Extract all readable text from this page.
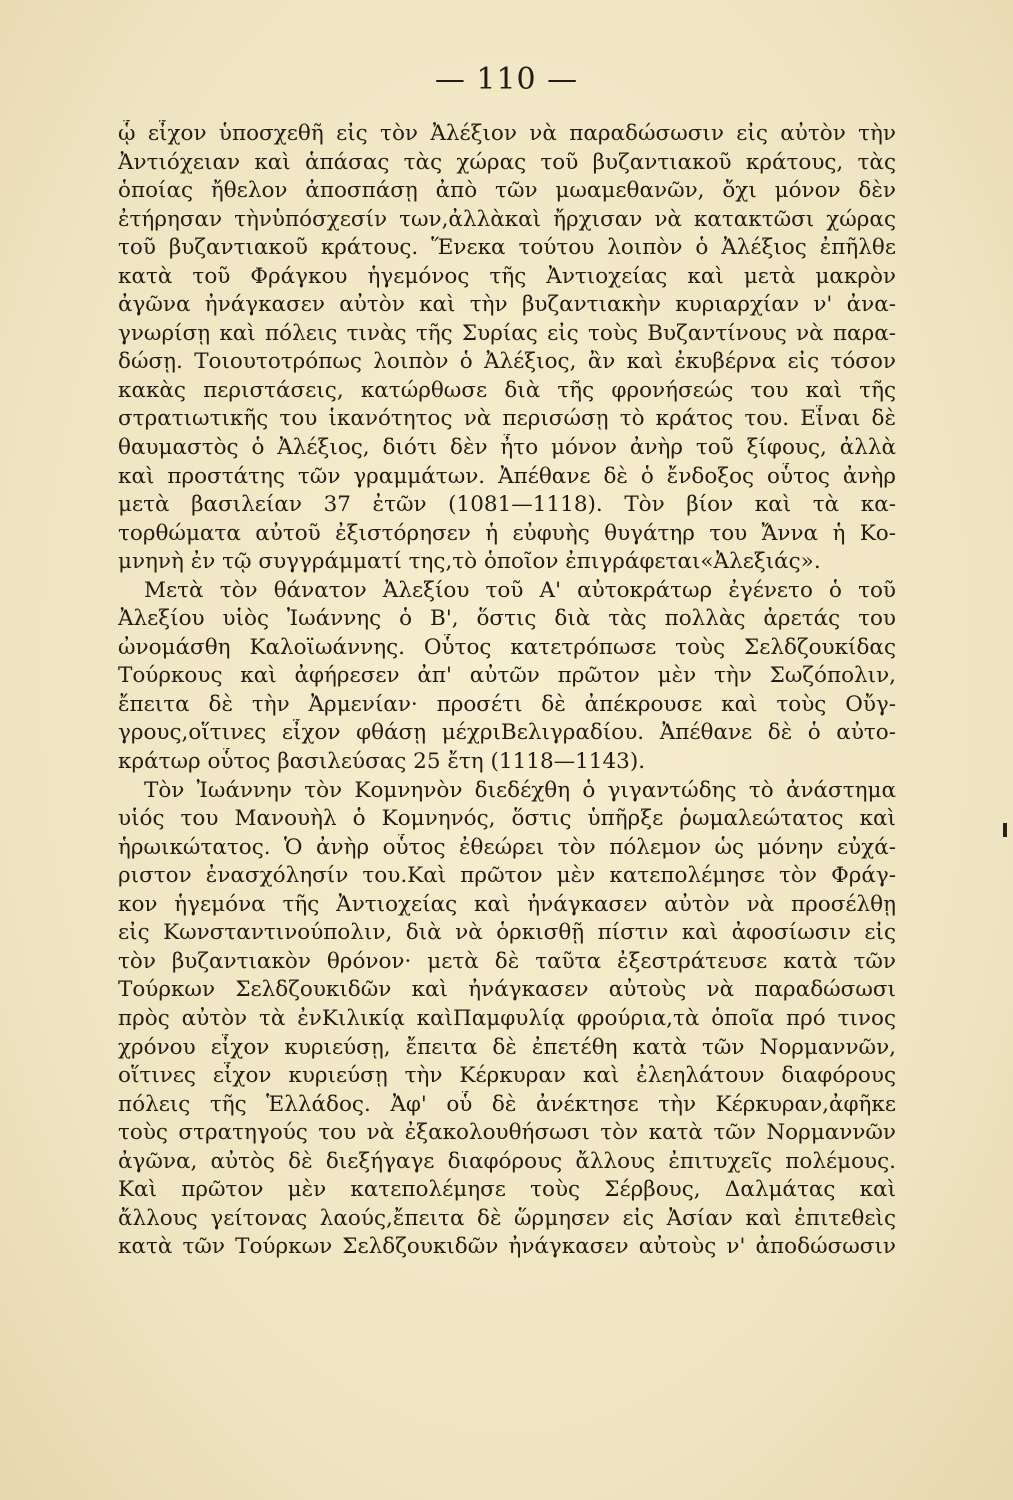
— 110 —
ᾧ εἶχον ὑποσχεθῆ εἰς τὸν Ἀλέξιον νὰ παραδώσωσιν εἰς αὐτὸν τὴν
Ἀντιόχειαν καὶ ἁπάσας τὰς χώρας τοῦ βυζαντιακοῦ κράτους, τὰς
ὁποίας ἤθελον ἀποσπάσῃ ἀπὸ τῶν μωαμεθανῶν, ὄχι μόνον δὲν
ἐτήρησαν τὴνὑπόσχεσίν των,ἀλλὰκαὶ ἤρχισαν νὰ κατακτῶσι χώρας
τοῦ βυζαντιακοῦ κράτους. Ἕνεκα τούτου λοιπὸν ὁ Ἀλέξιος ἐπῆλθε
κατὰ τοῦ Φράγκου ἡγεμόνος τῆς Ἀντιοχείας καὶ μετὰ μακρὸν
ἀγῶνα ἠνάγκασεν αὐτὸν καὶ τὴν βυζαντιακὴν κυριαρχίαν ν' ἀνα-
γνωρίσῃ καὶ πόλεις τινὰς τῆς Συρίας εἰς τοὺς Βυζαντίνους νὰ παρα-
δώσῃ. Τοιουτοτρόπως λοιπὸν ὁ Ἀλέξιος, ἂν καὶ ἐκυβέρνα εἰς τόσον
κακὰς περιστάσεις, κατώρθωσε διὰ τῆς φρονήσεώς του καὶ τῆς
στρατιωτικῆς του ἱκανότητος νὰ περισώσῃ τὸ κράτος του. Εἶναι δὲ
θαυμαστὸς ὁ Ἀλέξιος, διότι δὲν ἦτο μόνον ἀνὴρ τοῦ ξίφους, ἀλλὰ
καὶ προστάτης τῶν γραμμάτων. Ἀπέθανε δὲ ὁ ἔνδοξος οὗτος ἀνὴρ
μετὰ βασιλείαν 37 ἐτῶν (1081—1118). Τὸν βίον καὶ τὰ κα-
τορθώματα αὐτοῦ ἐξιστόρησεν ἡ εὐφυὴς θυγάτηρ του Ἄννα ἡ Κο-
μνηνὴ ἐν τῷ συγγράμματί της,τὸ ὁποῖον ἐπιγράφεται«Ἀλεξιάς».
Μετὰ τὸν θάνατον Ἀλεξίου τοῦ Α' αὐτοκράτωρ ἐγένετο ὁ τοῦ
Ἀλεξίου υἱὸς Ἰωάννης ὁ Β', ὅστις διὰ τὰς πολλὰς ἀρετάς του
ὠνομάσθη Καλοϊωάννης. Οὗτος κατετρόπωσε τοὺς Σελδζουκίδας
Τούρκους καὶ ἀφήρεσεν ἀπ' αὐτῶν πρῶτον μὲν τὴν Σωζόπολιν,
ἔπειτα δὲ τὴν Ἀρμενίαν· προσέτι δὲ ἀπέκρουσε καὶ τοὺς Οὔγ-
γρους,οἵτινες εἶχον φθάσῃ μέχριΒελιγραδίου. Ἀπέθανε δὲ ὁ αὐτο-
κράτωρ οὗτος βασιλεύσας 25 ἔτη (1118—1143).
Τὸν Ἰωάννην τὸν Κομνηνὸν διεδέχθη ὁ γιγαντώδης τὸ ἀνάστημα
υἱός του Μανουὴλ ὁ Κομνηνός, ὅστις ὑπῆρξε ῥωμαλεώτατος καὶ
ἡρωικώτατος. Ὁ ἀνὴρ οὗτος ἐθεώρει τὸν πόλεμον ὡς μόνην εὐχά-
ριστον ἐνασχόλησίν του.Καὶ πρῶτον μὲν κατεπολέμησε τὸν Φράγ-
κον ἡγεμόνα τῆς Ἀντιοχείας καὶ ἠνάγκασεν αὐτὸν νὰ προσέλθῃ
εἰς Κωνσταντινούπολιν, διὰ νὰ ὁρκισθῇ πίστιν καὶ ἀφοσίωσιν εἰς
τὸν βυζαντιακὸν θρόνον· μετὰ δὲ ταῦτα ἐξεστράτευσε κατὰ τῶν
Τούρκων Σελδζουκιδῶν καὶ ἠνάγκασεν αὐτοὺς νὰ παραδώσωσι
πρὸς αὐτὸν τὰ ἐνΚιλικίᾳ καὶΠαμφυλίᾳ φρούρια,τὰ ὁποῖα πρό τινος
χρόνου εἶχον κυριεύσῃ, ἔπειτα δὲ ἐπετέθη κατὰ τῶν Νορμαννῶν,
οἵτινες εἶχον κυριεύσῃ τὴν Κέρκυραν καὶ ἐλεηλάτουν διαφόρους
πόλεις τῆς Ἑλλάδος. Ἀφ' οὗ δὲ ἀνέκτησε τὴν Κέρκυραν,ἀφῆκε
τοὺς στρατηγούς του νὰ ἐξακολουθήσωσι τὸν κατὰ τῶν Νορμαννῶν
ἀγῶνα, αὐτὸς δὲ διεξήγαγε διαφόρους ἄλλους ἐπιτυχεῖς πολέμους.
Καὶ πρῶτον μὲν κατεπολέμησε τοὺς Σέρβους, Δαλμάτας καὶ
ἄλλους γείτονας λαούς,ἔπειτα δὲ ὥρμησεν εἰς Ἀσίαν καὶ ἐπιτεθεὶς
κατὰ τῶν Τούρκων Σελδζουκιδῶν ἠνάγκασεν αὐτοὺς ν' ἀποδώσωσιν
